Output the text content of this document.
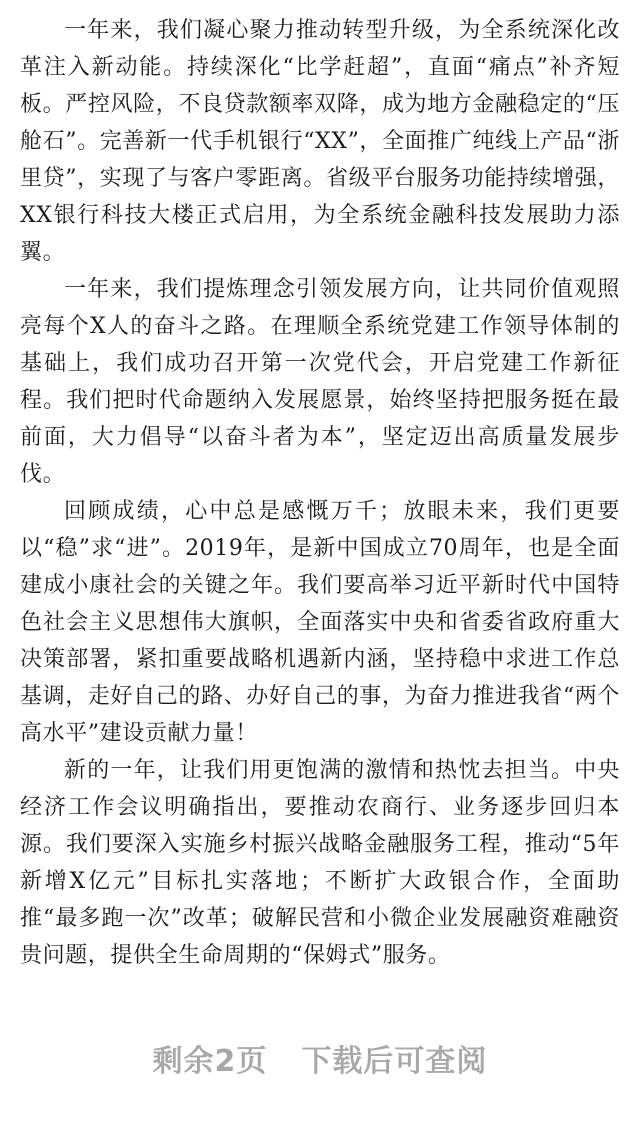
一年来，我们凝心聚力推动转型升级，为全系统深化改革注入新动能。持续深化“比学赶超”，直面“痛点”补齐短板。严控风险，不良贷款额率双降，成为地方金融稳定的“压舱石”。完善新一代手机银行“XX”，全面推广纯线上产品“浙里贷”，实现了与客户零距离。省级平台服务功能持续增强，XX银行科技大楼正式启用，为全系统金融科技发展助力添翼。

一年来，我们提炼理念引领发展方向，让共同价值观照亮每个X人的奋斗之路。在理顺全系统党建工作领导体制的基础上，我们成功召开第一次党代会，开启党建工作新征程。我们把时代命题纳入发展愿景，始终坚持把服务挺在最前面，大力倡导“以奋斗者为本”，坚定迈出高质量发展步伐。

回顾成绩，心中总是感慨万千；放眼未来，我们更要以“稳”求“进”。2019年，是新中国成立70周年，也是全面建成小康社会的关键之年。我们要高举习近平新时代中国特色社会主义思想伟大旗帜，全面落实中央和省委省政府重大决策部署，紧扣重要战略机遇新内涵，坚持稳中求进工作总基调，走好自己的路、办好自己的事，为奋力推进我省“两个高水平”建设贡献力量！

新的一年，让我们用更饱满的激情和热忱去担当。中央经济工作会议明确指出，要推动农商行、业务逐步回归本源。我们要深入实施乡村振兴战略金融服务工程，推动“5年新增X亿元”目标扎实落地；不断扩大政银合作，全面助推“最多跑一次”改革；破解民营和小微企业发展融资难融资贵问题，提供全生命周期的“保姆式”服务。

剩余2页 下载后可查阅
